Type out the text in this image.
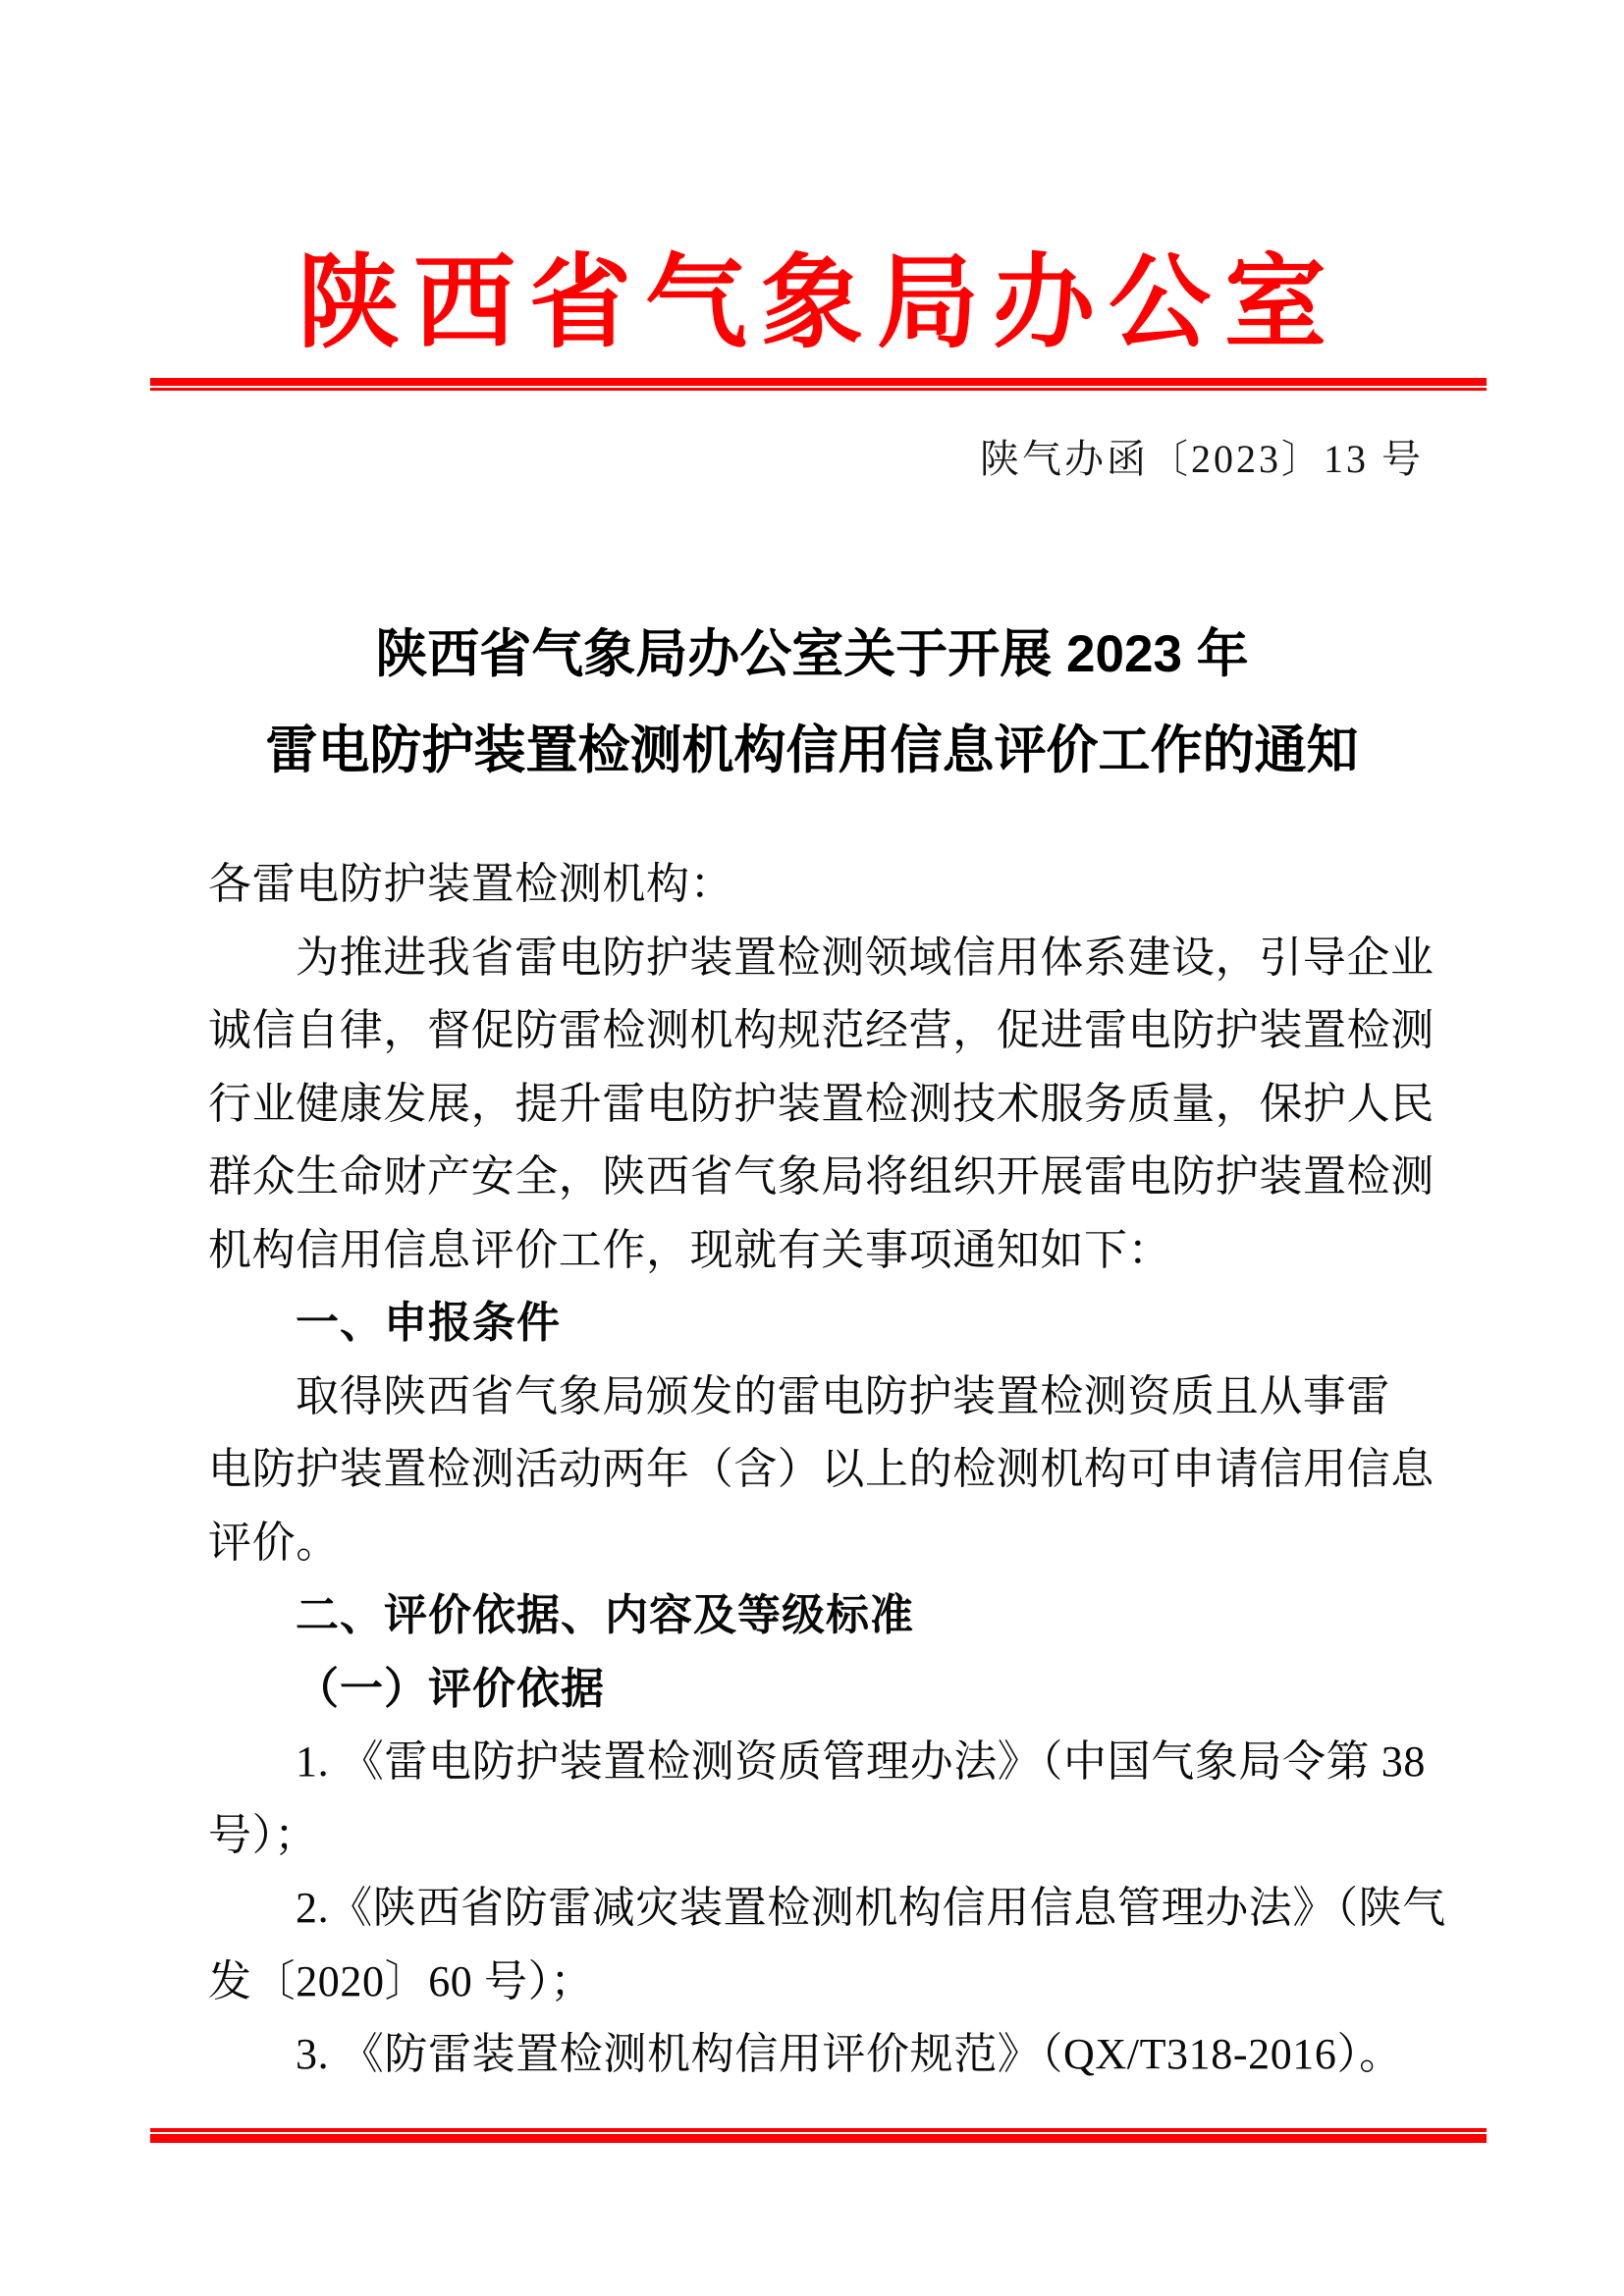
陕西省气象局办公室
陕气办函〔2023〕13 号
陕西省气象局办公室关于开展 2023 年
雷电防护装置检测机构信用信息评价工作的通知
各雷电防护装置检测机构：
为推进我省雷电防护装置检测领域信用体系建设，引导企业
诚信自律，督促防雷检测机构规范经营，促进雷电防护装置检测
行业健康发展，提升雷电防护装置检测技术服务质量，保护人民
群众生命财产安全，陕西省气象局将组织开展雷电防护装置检测
机构信用信息评价工作，现就有关事项通知如下：
一、申报条件
取得陕西省气象局颁发的雷电防护装置检测资质且从事雷
电防护装置检测活动两年（含）以上的检测机构可申请信用信息
评价。
二、评价依据、内容及等级标准
（一）评价依据
1. 《雷电防护装置检测资质管理办法》（中国气象局令第 38
号）；
2.《陕西省防雷减灾装置检测机构信用信息管理办法》（陕气
发〔2020〕60 号）；
3. 《防雷装置检测机构信用评价规范》（QX/T318-2016）。
